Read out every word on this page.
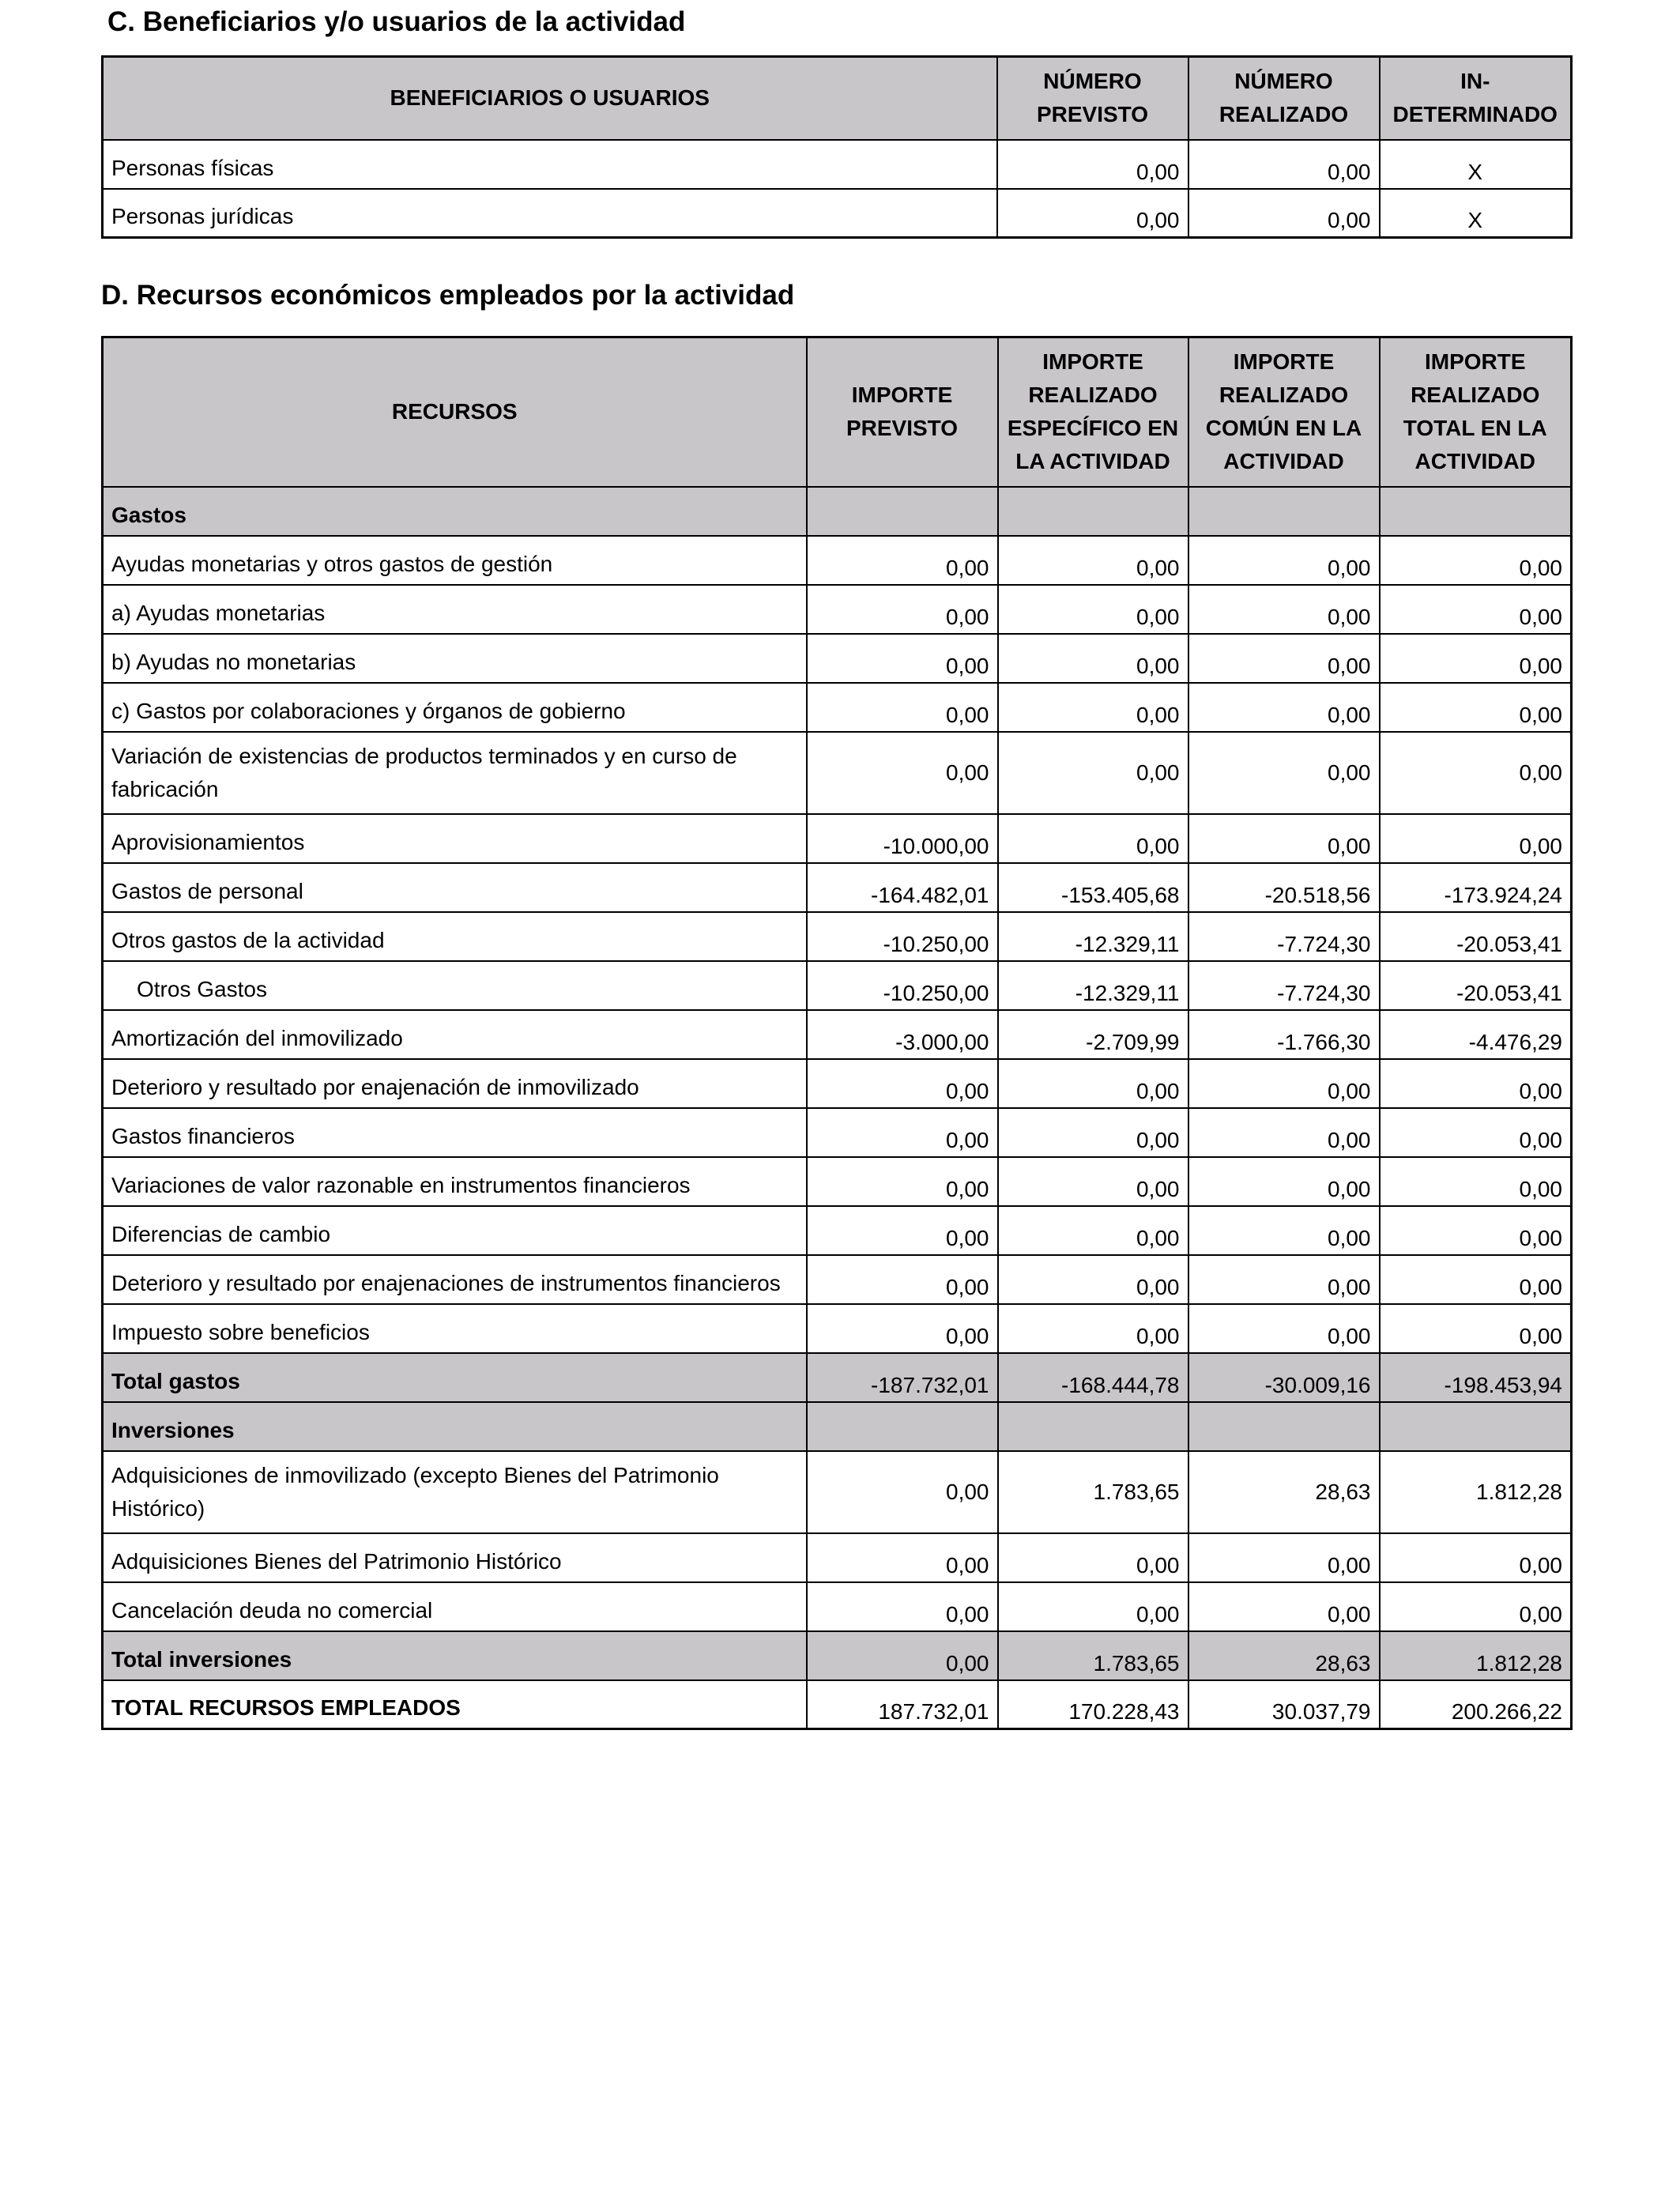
C. Beneficiarios y/o usuarios de la actividad
BENEFICIARIOS O USUARIOS	NÚMERO PREVISTO	NÚMERO REALIZADO	IN-DETERMINADO
Personas físicas	0,00	0,00	X
Personas jurídicas	0,00	0,00	X
D. Recursos económicos empleados por la actividad
RECURSOS	IMPORTE PREVISTO	IMPORTE REALIZADO ESPECÍFICO EN LA ACTIVIDAD	IMPORTE REALIZADO COMÚN EN LA ACTIVIDAD	IMPORTE REALIZADO TOTAL EN LA ACTIVIDAD
Gastos				
Ayudas monetarias y otros gastos de gestión	0,00	0,00	0,00	0,00
a) Ayudas monetarias	0,00	0,00	0,00	0,00
b) Ayudas no monetarias	0,00	0,00	0,00	0,00
c) Gastos por colaboraciones y órganos de gobierno	0,00	0,00	0,00	0,00
Variación de existencias de productos terminados y en curso de fabricación	0,00	0,00	0,00	0,00
Aprovisionamientos	-10.000,00	0,00	0,00	0,00
Gastos de personal	-164.482,01	-153.405,68	-20.518,56	-173.924,24
Otros gastos de la actividad	-10.250,00	-12.329,11	-7.724,30	-20.053,41
Otros Gastos	-10.250,00	-12.329,11	-7.724,30	-20.053,41
Amortización del inmovilizado	-3.000,00	-2.709,99	-1.766,30	-4.476,29
Deterioro y resultado por enajenación de inmovilizado	0,00	0,00	0,00	0,00
Gastos financieros	0,00	0,00	0,00	0,00
Variaciones de valor razonable en instrumentos financieros	0,00	0,00	0,00	0,00
Diferencias de cambio	0,00	0,00	0,00	0,00
Deterioro y resultado por enajenaciones de instrumentos financieros	0,00	0,00	0,00	0,00
Impuesto sobre beneficios	0,00	0,00	0,00	0,00
Total gastos	-187.732,01	-168.444,78	-30.009,16	-198.453,94
Inversiones				
Adquisiciones de inmovilizado (excepto Bienes del Patrimonio Histórico)	0,00	1.783,65	28,63	1.812,28
Adquisiciones Bienes del Patrimonio Histórico	0,00	0,00	0,00	0,00
Cancelación deuda no comercial	0,00	0,00	0,00	0,00
Total inversiones	0,00	1.783,65	28,63	1.812,28
TOTAL RECURSOS EMPLEADOS	187.732,01	170.228,43	30.037,79	200.266,22
